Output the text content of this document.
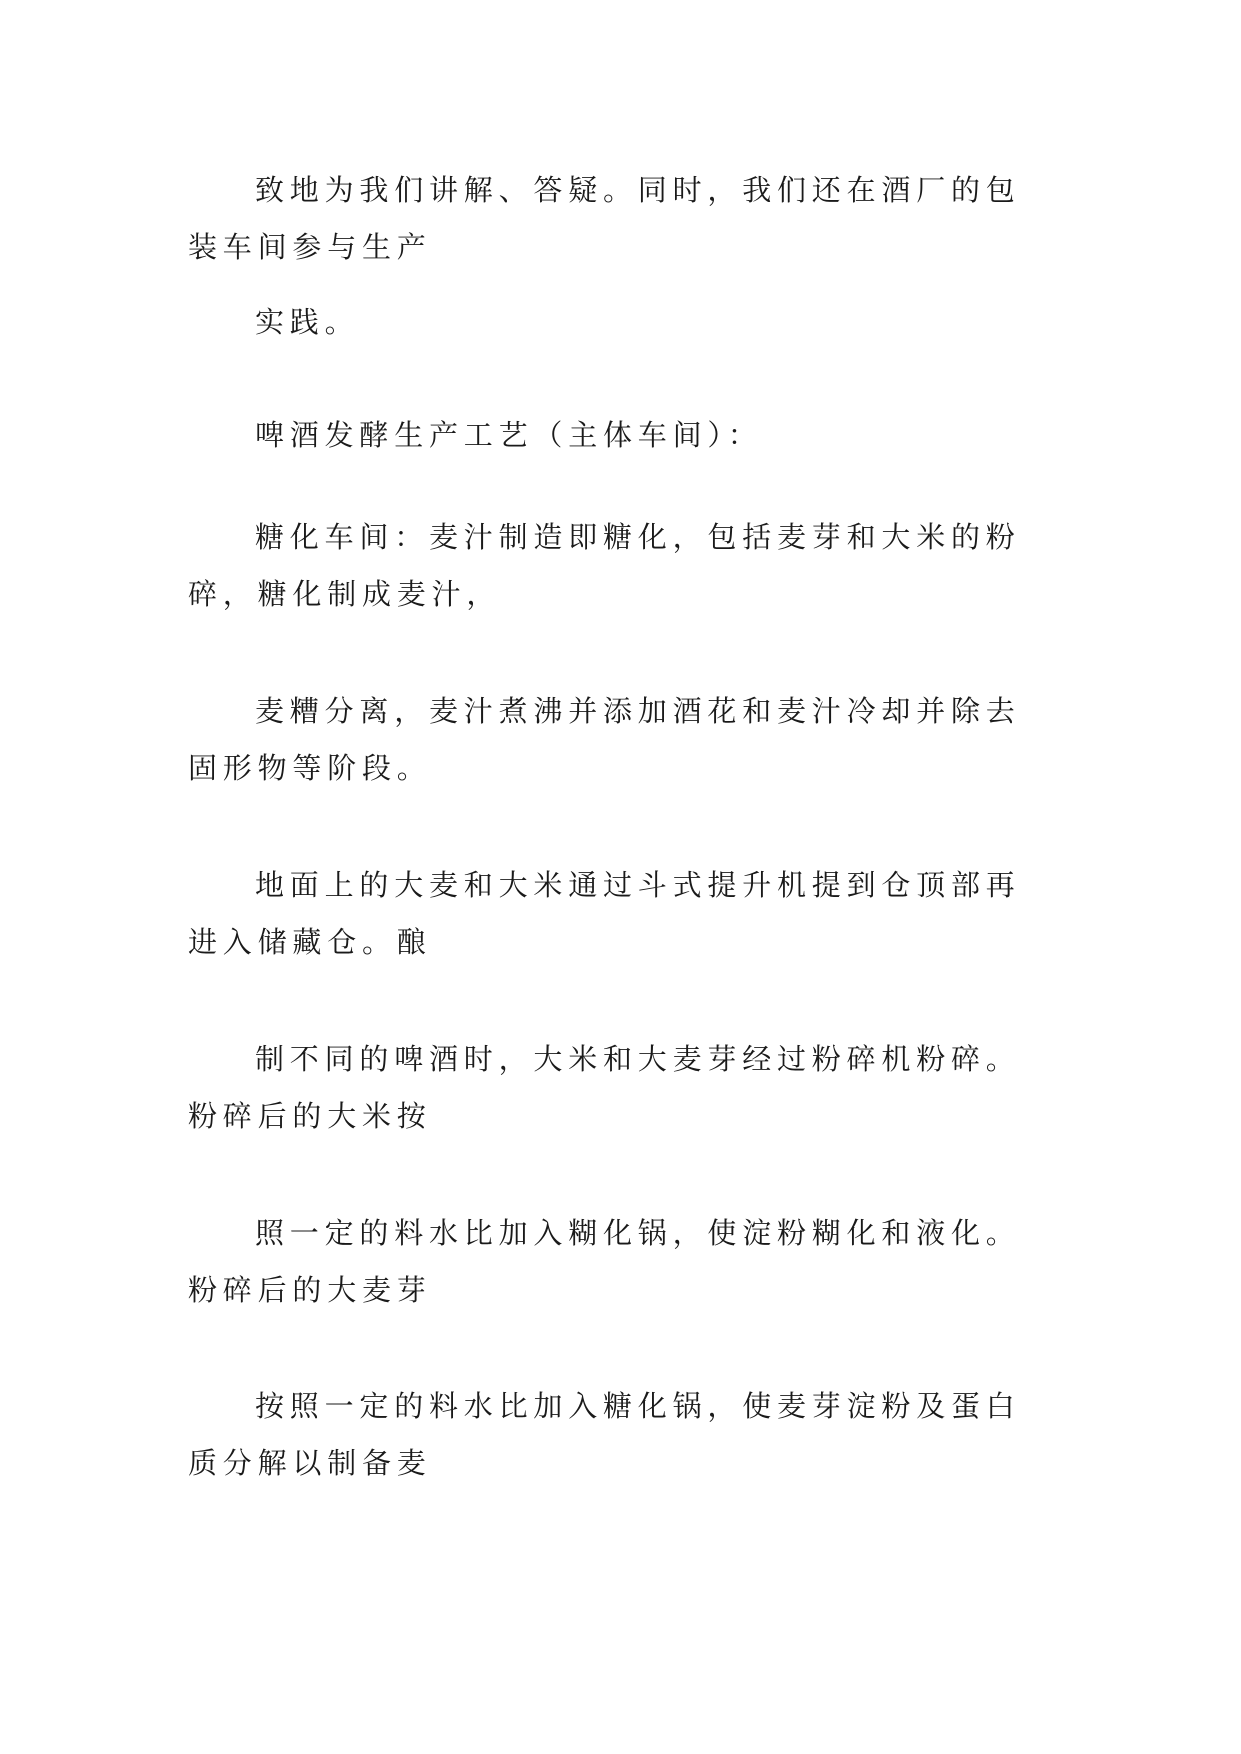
致地为我们讲解、答疑。同时，我们还在酒厂的包装车间参与生产

实践。

啤酒发酵生产工艺（主体车间）：

糖化车间：麦汁制造即糖化，包括麦芽和大米的粉碎，糖化制成麦汁，

麦糟分离，麦汁煮沸并添加酒花和麦汁冷却并除去固形物等阶段。

地面上的大麦和大米通过斗式提升机提到仓顶部再进入储藏仓。酿

制不同的啤酒时，大米和大麦芽经过粉碎机粉碎。粉碎后的大米按

照一定的料水比加入糊化锅，使淀粉糊化和液化。粉碎后的大麦芽

按照一定的料水比加入糖化锅，使麦芽淀粉及蛋白质分解以制备麦
